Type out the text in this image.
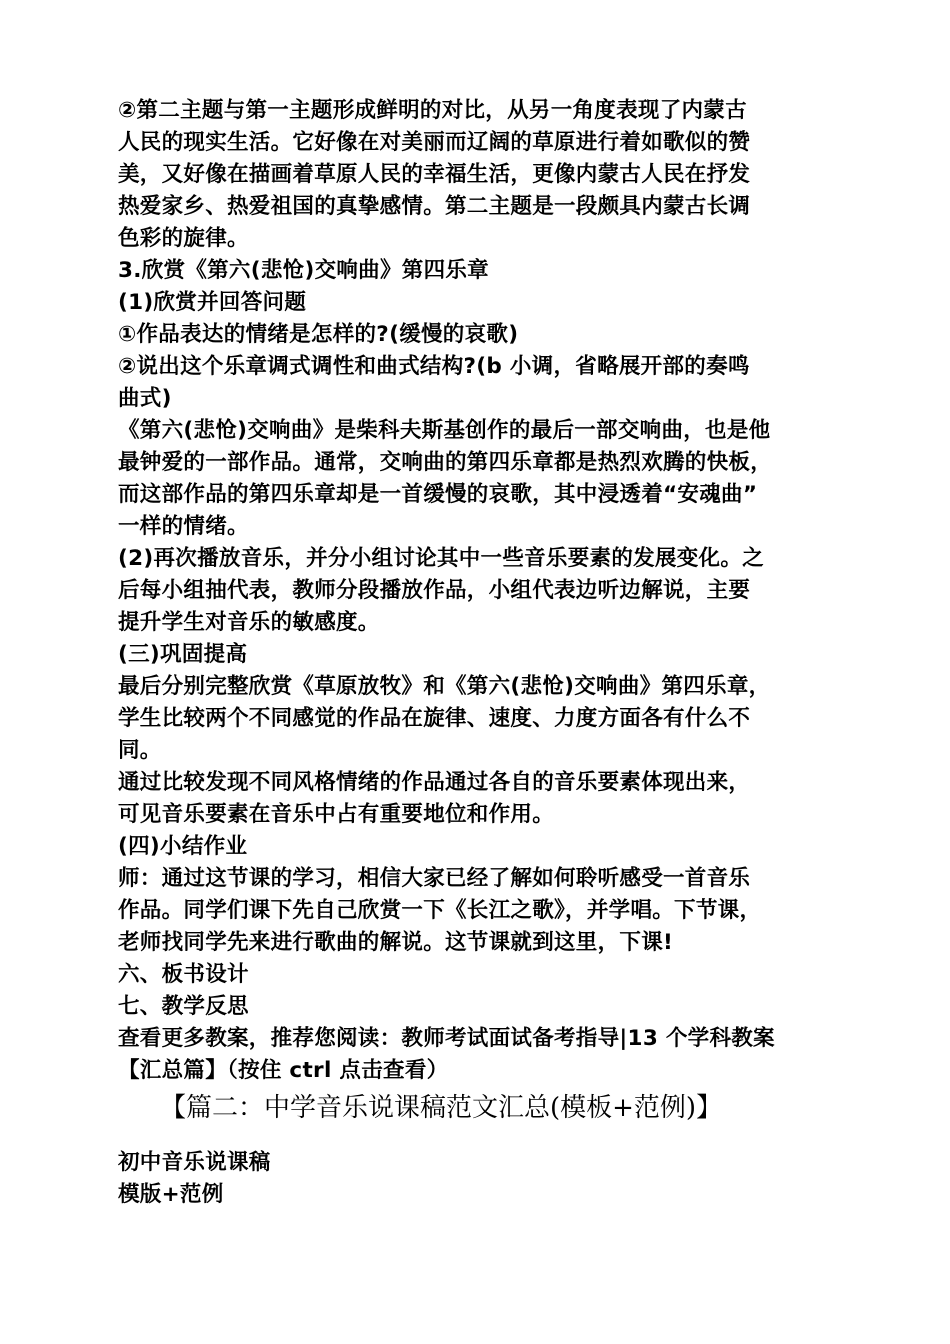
②第二主题与第一主题形成鲜明的对比，从另一角度表现了内蒙古
人民的现实生活。它好像在对美丽而辽阔的草原进行着如歌似的赞
美，又好像在描画着草原人民的幸福生活，更像内蒙古人民在抒发
热爱家乡、热爱祖国的真挚感情。第二主题是一段颇具内蒙古长调
色彩的旋律。
3.欣赏《第六(悲怆)交响曲》第四乐章
(1)欣赏并回答问题
①作品表达的情绪是怎样的?(缓慢的哀歌)
②说出这个乐章调式调性和曲式结构?(b 小调，省略展开部的奏鸣
曲式)
《第六(悲怆)交响曲》是柴科夫斯基创作的最后一部交响曲，也是他
最钟爱的一部作品。通常，交响曲的第四乐章都是热烈欢腾的快板，
而这部作品的第四乐章却是一首缓慢的哀歌，其中浸透着“安魂曲”
一样的情绪。
(2)再次播放音乐，并分小组讨论其中一些音乐要素的发展变化。之
后每小组抽代表，教师分段播放作品，小组代表边听边解说，主要
提升学生对音乐的敏感度。
(三)巩固提高
最后分别完整欣赏《草原放牧》和《第六(悲怆)交响曲》第四乐章，
学生比较两个不同感觉的作品在旋律、速度、力度方面各有什么不
同。
通过比较发现不同风格情绪的作品通过各自的音乐要素体现出来，
可见音乐要素在音乐中占有重要地位和作用。
(四)小结作业
师：通过这节课的学习，相信大家已经了解如何聆听感受一首音乐
作品。同学们课下先自己欣赏一下《长江之歌》，并学唱。下节课，
老师找同学先来进行歌曲的解说。这节课就到这里，下课!
六、板书设计
七、教学反思
查看更多教案，推荐您阅读：教师考试面试备考指导|13 个学科教案
【汇总篇】（按住 ctrl 点击查看）
【篇二：中学音乐说课稿范文汇总(模板+范例)】
初中音乐说课稿
模版+范例
